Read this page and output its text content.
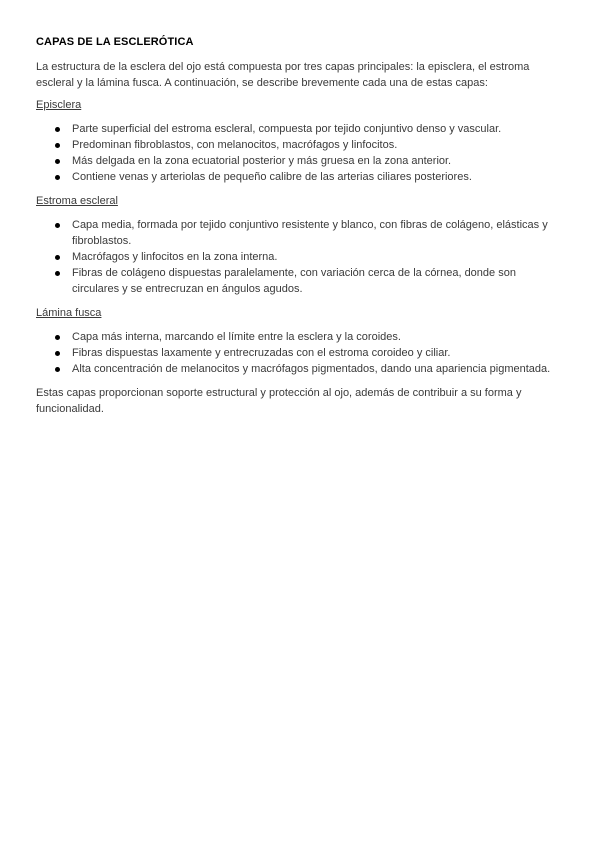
CAPAS DE LA ESCLERÓTICA

La estructura de la esclera del ojo está compuesta por tres capas principales: la episclera, el estroma escleral y la lámina fusca. A continuación, se describe brevemente cada una de estas capas:

Episclera
Parte superficial del estroma escleral, compuesta por tejido conjuntivo denso y vascular.
Predominan fibroblastos, con melanocitos, macrófagos y linfocitos.
Más delgada en la zona ecuatorial posterior y más gruesa en la zona anterior.
Contiene venas y arteriolas de pequeño calibre de las arterias ciliares posteriores.
Estroma escleral
Capa media, formada por tejido conjuntivo resistente y blanco, con fibras de colágeno, elásticas y fibroblastos.
Macrófagos y linfocitos en la zona interna.
Fibras de colágeno dispuestas paralelamente, con variación cerca de la córnea, donde son circulares y se entrecruzan en ángulos agudos.
Lámina fusca
Capa más interna, marcando el límite entre la esclera y la coroides.
Fibras dispuestas laxamente y entrecruzadas con el estroma coroideo y ciliar.
Alta concentración de melanocitos y macrófagos pigmentados, dando una apariencia pigmentada.

Estas capas proporcionan soporte estructural y protección al ojo, además de contribuir a su forma y funcionalidad.
